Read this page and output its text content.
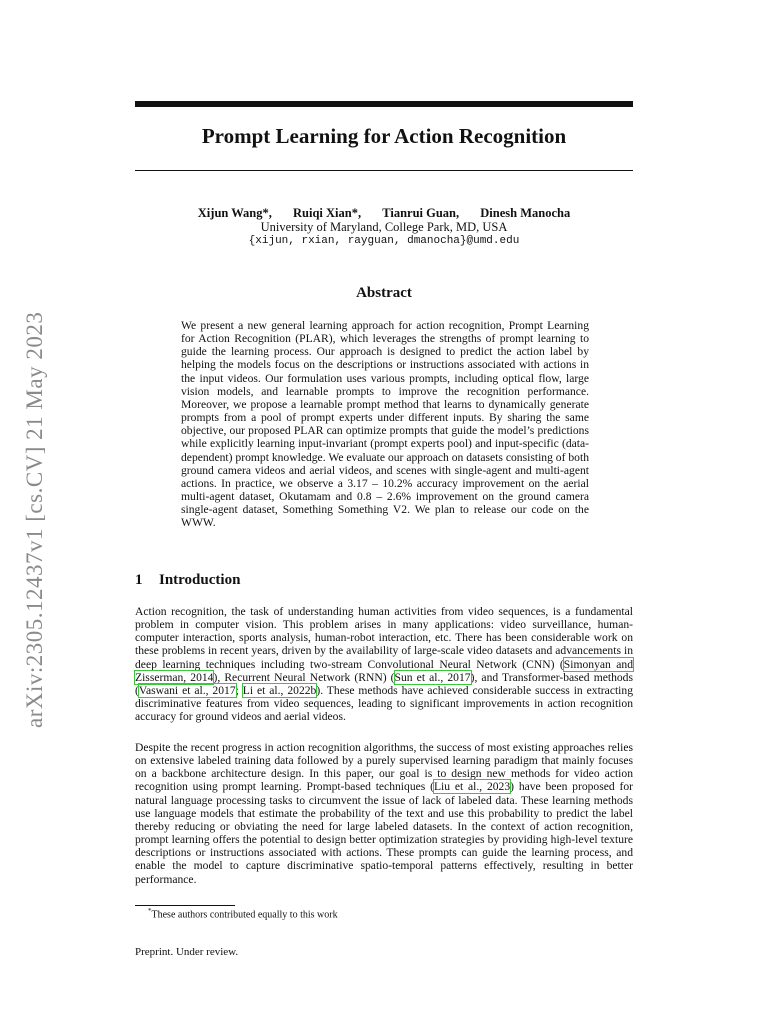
arXiv:2305.12437v1 [cs.CV] 21 May 2023
Prompt Learning for Action Recognition
Xijun Wang*, Ruiqi Xian*, Tianrui Guan, Dinesh Manocha
University of Maryland, College Park, MD, USA
{xijun, rxian, rayguan, dmanocha}@umd.edu
Abstract
We present a new general learning approach for action recognition, Prompt Learning for Action Recognition (PLAR), which leverages the strengths of prompt learning to guide the learning process. Our approach is designed to predict the action label by helping the models focus on the descriptions or instructions associated with actions in the input videos. Our formulation uses various prompts, including optical flow, large vision models, and learnable prompts to improve the recognition performance. Moreover, we propose a learnable prompt method that learns to dynamically generate prompts from a pool of prompt experts under different inputs. By sharing the same objective, our proposed PLAR can optimize prompts that guide the model’s predictions while explicitly learning input-invariant (prompt experts pool) and input-specific (data-dependent) prompt knowledge. We evaluate our approach on datasets consisting of both ground camera videos and aerial videos, and scenes with single-agent and multi-agent actions. In practice, we observe a 3.17 – 10.2% accuracy improvement on the aerial multi-agent dataset, Okutamam and 0.8 – 2.6% improvement on the ground camera single-agent dataset, Something Something V2. We plan to release our code on the WWW.
1 Introduction
Action recognition, the task of understanding human activities from video sequences, is a fundamental problem in computer vision. This problem arises in many applications: video surveillance, human-computer interaction, sports analysis, human-robot interaction, etc. There has been considerable work on these problems in recent years, driven by the availability of large-scale video datasets and advancements in deep learning techniques including two-stream Convolutional Neural Network (CNN) (Simonyan and Zisserman, 2014), Recurrent Neural Network (RNN) (Sun et al., 2017), and Transformer-based methods (Vaswani et al., 2017; Li et al., 2022b). These methods have achieved considerable success in extracting discriminative features from video sequences, leading to significant improvements in action recognition accuracy for ground videos and aerial videos.
Despite the recent progress in action recognition algorithms, the success of most existing approaches relies on extensive labeled training data followed by a purely supervised learning paradigm that mainly focuses on a backbone architecture design. In this paper, our goal is to design new methods for video action recognition using prompt learning. Prompt-based techniques (Liu et al., 2023) have been proposed for natural language processing tasks to circumvent the issue of lack of labeled data. These learning methods use language models that estimate the probability of the text and use this probability to predict the label thereby reducing or obviating the need for large labeled datasets. In the context of action recognition, prompt learning offers the potential to design better optimization strategies by providing high-level texture descriptions or instructions associated with actions. These prompts can guide the learning process, and enable the model to capture discriminative spatio-temporal patterns effectively, resulting in better performance.
*These authors contributed equally to this work
Preprint. Under review.
